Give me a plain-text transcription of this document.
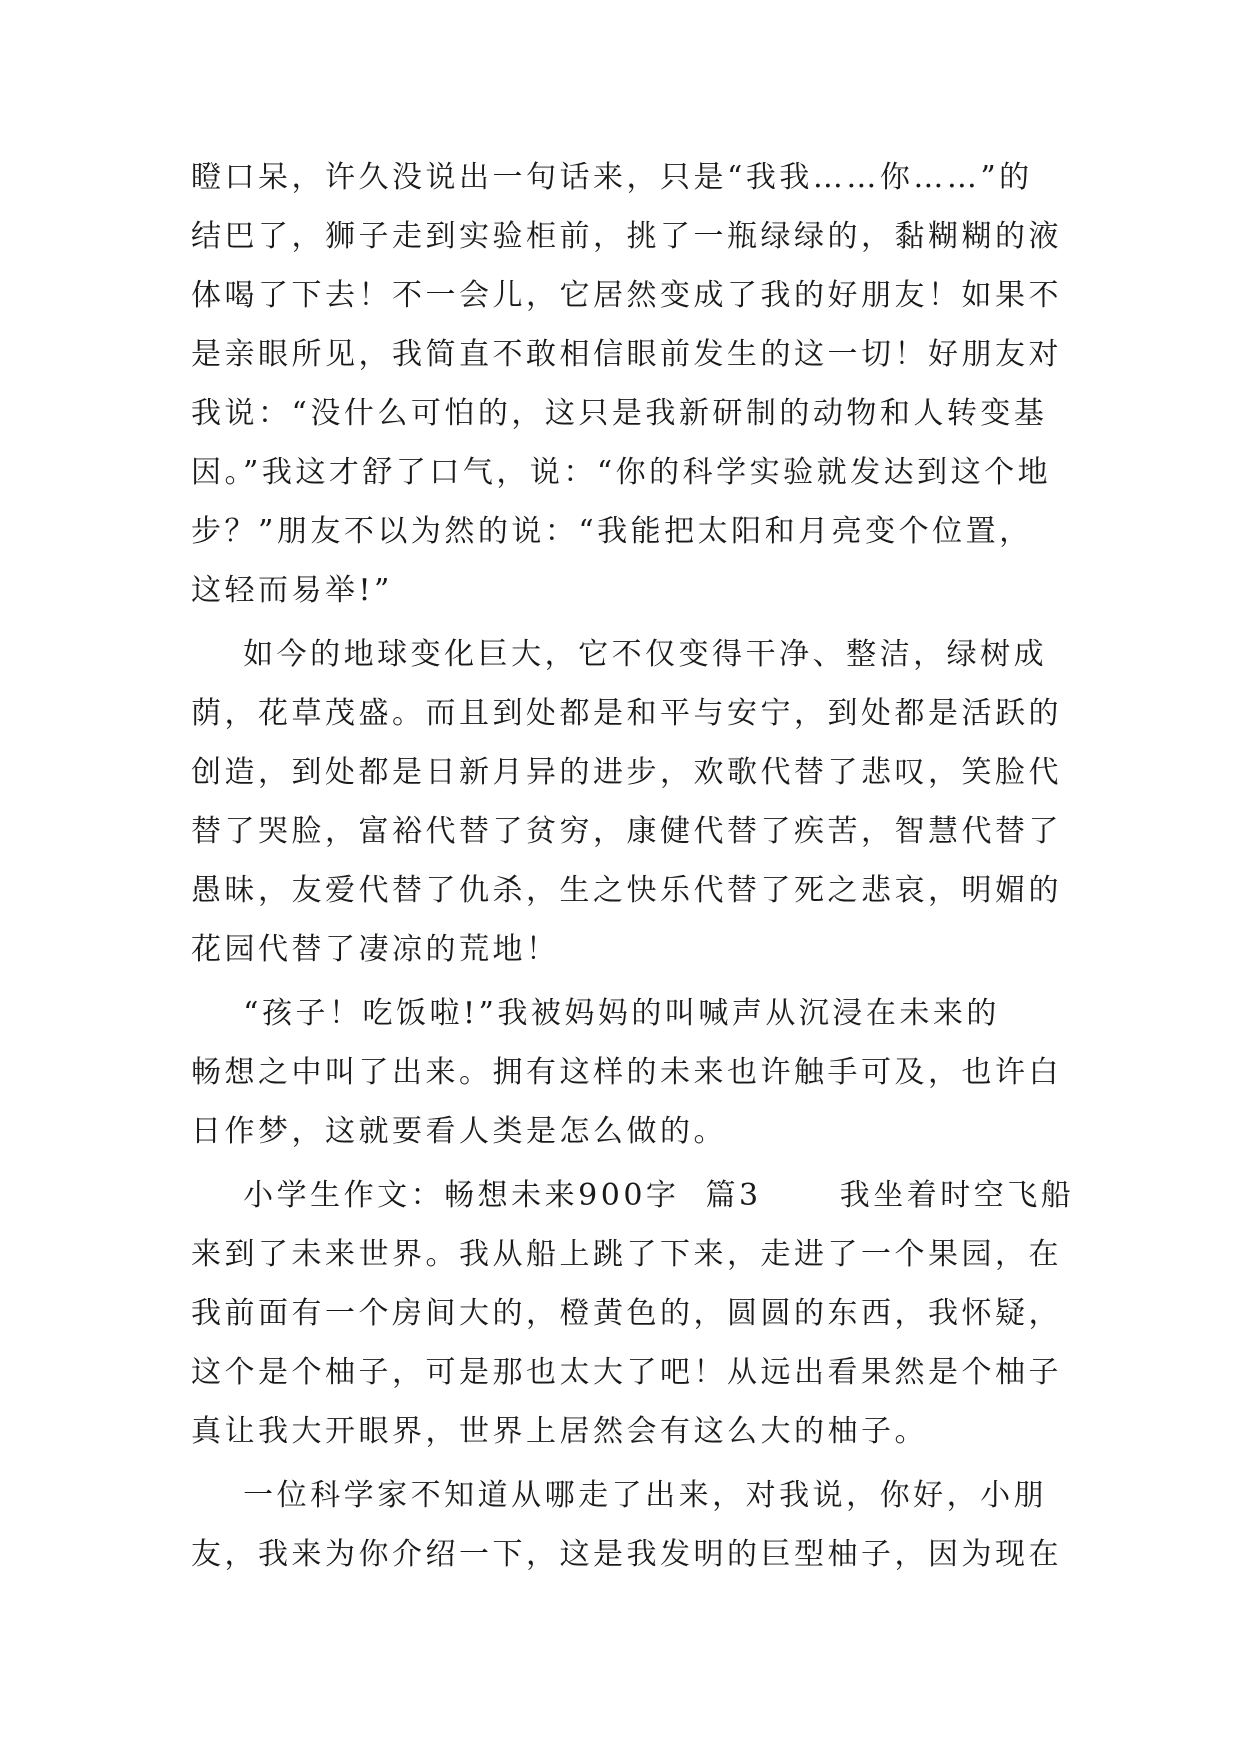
瞪口呆，许久没说出一句话来，只是“我我……你……”的
结巴了，狮子走到实验柜前，挑了一瓶绿绿的，黏糊糊的液
体喝了下去！不一会儿，它居然变成了我的好朋友！如果不
是亲眼所见，我简直不敢相信眼前发生的这一切！好朋友对
我说：“没什么可怕的，这只是我新研制的动物和人转变基
因。”我这才舒了口气，说：“你的科学实验就发达到这个地
步？”朋友不以为然的说：“我能把太阳和月亮变个位置，
这轻而易举!”
如今的地球变化巨大，它不仅变得干净、整洁，绿树成
荫，花草茂盛。而且到处都是和平与安宁，到处都是活跃的
创造，到处都是日新月异的进步，欢歌代替了悲叹，笑脸代
替了哭脸，富裕代替了贫穷，康健代替了疾苦，智慧代替了
愚昧，友爱代替了仇杀，生之快乐代替了死之悲哀，明媚的
花园代替了凄凉的荒地！
“孩子！吃饭啦!”我被妈妈的叫喊声从沉浸在未来的
畅想之中叫了出来。拥有这样的未来也许触手可及，也许白
日作梦，这就要看人类是怎么做的。
小学生作文：畅想未来900字  篇3      我坐着时空飞船
来到了未来世界。我从船上跳了下来，走进了一个果园，在
我前面有一个房间大的，橙黄色的，圆圆的东西，我怀疑，
这个是个柚子，可是那也太大了吧！从远出看果然是个柚子
真让我大开眼界，世界上居然会有这么大的柚子。
一位科学家不知道从哪走了出来，对我说，你好，小朋
友，我来为你介绍一下，这是我发明的巨型柚子，因为现在
